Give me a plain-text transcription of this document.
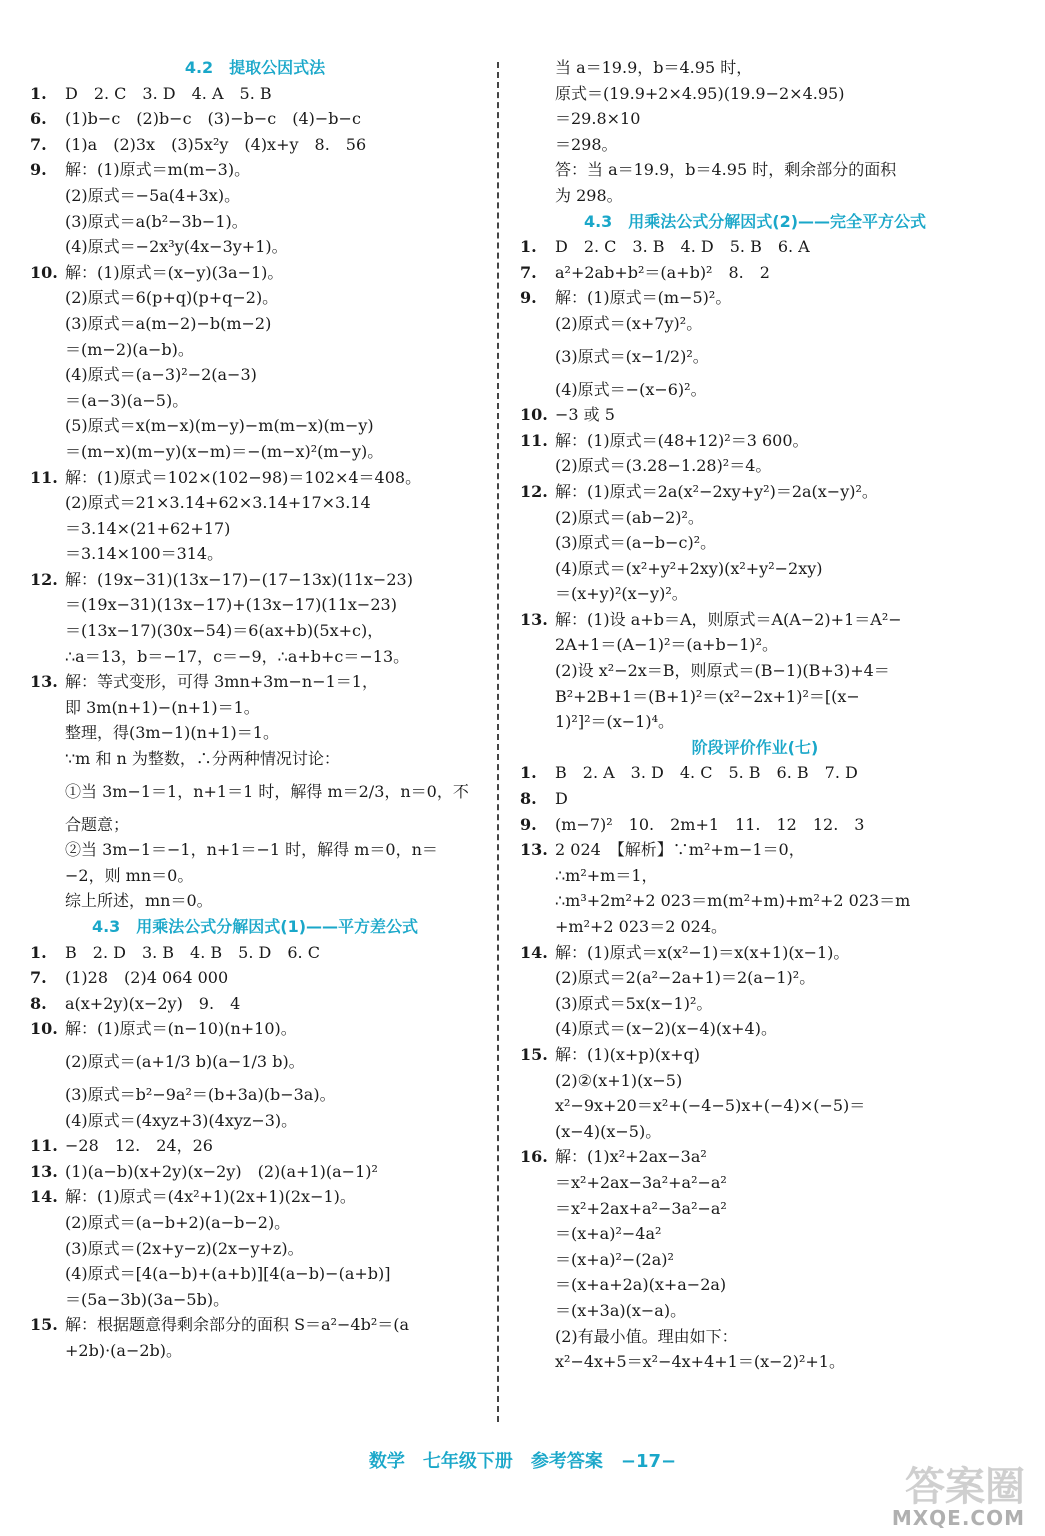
4.2　提取公因式法
1. D　2. C　3. D　4. A　5. B
6. (1)b−c　(2)b−c　(3)−b−c　(4)−b−c
7. (1)a　(2)3x　(3)5x²y　(4)x+y　8.　56
9. 解：(1)原式＝m(m−3)。
(2)原式＝−5a(4+3x)。
(3)原式＝a(b²−3b−1)。
(4)原式＝−2x³y(4x−3y+1)。
10. 解：(1)原式＝(x−y)(3a−1)。
(2)原式＝6(p+q)(p+q−2)。
(3)原式＝a(m−2)−b(m−2)
＝(m−2)(a−b)。
(4)原式＝(a−3)²−2(a−3)
＝(a−3)(a−5)。
(5)原式＝x(m−x)(m−y)−m(m−x)(m−y)
＝(m−x)(m−y)(x−m)＝−(m−x)²(m−y)。
11. 解：(1)原式＝102×(102−98)＝102×4＝408。
(2)原式＝21×3.14+62×3.14+17×3.14
＝3.14×(21+62+17)
＝3.14×100＝314。
12. 解：(19x−31)(13x−17)−(17−13x)(11x−23)
＝(19x−31)(13x−17)+(13x−17)(11x−23)
＝(13x−17)(30x−54)＝6(ax+b)(5x+c)，
∴a＝13，b＝−17，c＝−9，∴a+b+c＝−13。
13. 解：等式变形，可得 3mn+3m−n−1＝1，
即 3m(n+1)−(n+1)＝1。
整理，得(3m−1)(n+1)＝1。
∵m 和 n 为整数，∴分两种情况讨论：
①当 3m−1＝1，n+1＝1 时，解得 m＝2/3，n＝0，不
合题意；
②当 3m−1＝−1，n+1＝−1 时，解得 m＝0，n＝
−2，则 mn＝0。
综上所述，mn＝0。
4.3　用乘法公式分解因式(1)——平方差公式
1. B　2. D　3. B　4. B　5. D　6. C
7. (1)28　(2)4 064 000
8. a(x+2y)(x−2y)　9.　4
10. 解：(1)原式＝(n−10)(n+10)。
(2)原式＝(a+1/3 b)(a−1/3 b)。
(3)原式＝b²−9a²＝(b+3a)(b−3a)。
(4)原式＝(4xyz+3)(4xyz−3)。
11. −28　12.　24，26
13. (1)(a−b)(x+2y)(x−2y)　(2)(a+1)(a−1)²
14. 解：(1)原式＝(4x²+1)(2x+1)(2x−1)。
(2)原式＝(a−b+2)(a−b−2)。
(3)原式＝(2x+y−z)(2x−y+z)。
(4)原式＝[4(a−b)+(a+b)][4(a−b)−(a+b)]
＝(5a−3b)(3a−5b)。
15. 解：根据题意得剩余部分的面积 S＝a²−4b²＝(a
+2b)·(a−2b)。
当 a＝19.9，b＝4.95 时，
原式＝(19.9+2×4.95)(19.9−2×4.95)
＝29.8×10
＝298。
答：当 a＝19.9，b＝4.95 时，剩余部分的面积
为 298。
4.3　用乘法公式分解因式(2)——完全平方公式
1. D　2. C　3. B　4. D　5. B　6. A
7. a²+2ab+b²＝(a+b)²　8.　2
9. 解：(1)原式＝(m−5)²。
(2)原式＝(x+7y)²。
(3)原式＝(x−1/2)²。
(4)原式＝−(x−6)²。
10. −3 或 5
11. 解：(1)原式＝(48+12)²＝3 600。
(2)原式＝(3.28−1.28)²＝4。
12. 解：(1)原式＝2a(x²−2xy+y²)＝2a(x−y)²。
(2)原式＝(ab−2)²。
(3)原式＝(a−b−c)²。
(4)原式＝(x²+y²+2xy)(x²+y²−2xy)
＝(x+y)²(x−y)²。
13. 解：(1)设 a+b＝A，则原式＝A(A−2)+1＝A²−
2A+1＝(A−1)²＝(a+b−1)²。
(2)设 x²−2x＝B，则原式＝(B−1)(B+3)+4＝
B²+2B+1＝(B+1)²＝(x²−2x+1)²＝[(x−
1)²]²＝(x−1)⁴。
阶段评价作业(七)
1. B　2. A　3. D　4. C　5. B　6. B　7. D
8. D
9. (m−7)²　10.　2m+1　11.　12　12.　3
13. 2 024　【解析】∵m²+m−1＝0，
∴m²+m＝1，
∴m³+2m²+2 023＝m(m²+m)+m²+2 023＝m
+m²+2 023＝2 024。
14. 解：(1)原式＝x(x²−1)＝x(x+1)(x−1)。
(2)原式＝2(a²−2a+1)＝2(a−1)²。
(3)原式＝5x(x−1)²。
(4)原式＝(x−2)(x−4)(x+4)。
15. 解：(1)(x+p)(x+q)
(2)②(x+1)(x−5)
x²−9x+20＝x²+(−4−5)x+(−4)×(−5)＝
(x−4)(x−5)。
16. 解：(1)x²+2ax−3a²
＝x²+2ax−3a²+a²−a²
＝x²+2ax+a²−3a²−a²
＝(x+a)²−4a²
＝(x+a)²−(2a)²
＝(x+a+2a)(x+a−2a)
＝(x+3a)(x−a)。
(2)有最小值。理由如下：
x²−4x+5＝x²−4x+4+1＝(x−2)²+1。
数学　七年级下册　参考答案　−17−
答案圈
MXQE.COM
